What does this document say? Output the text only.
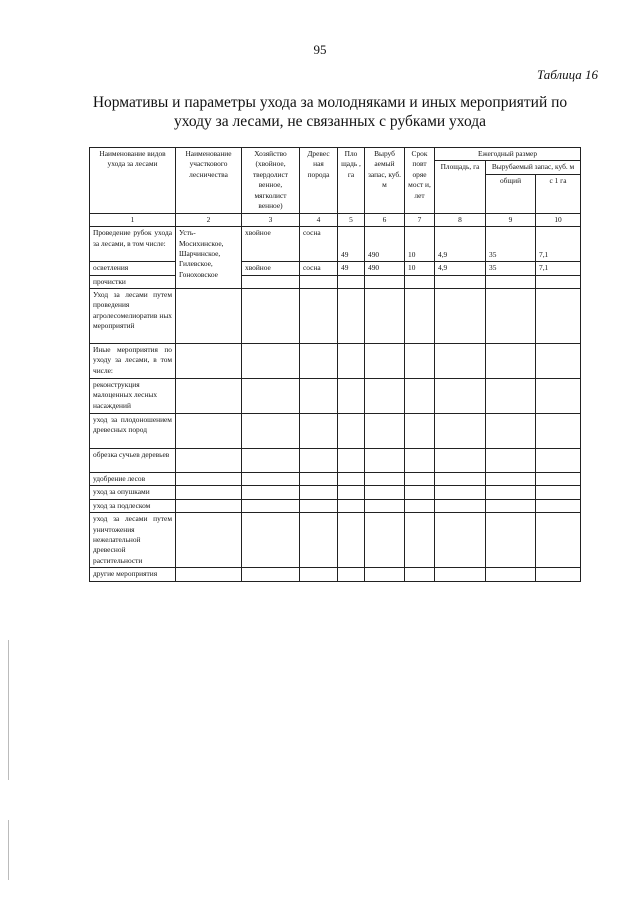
95
Таблица 16
Нормативы и параметры ухода за молодняками и иных мероприятий по уходу за лесами, не связанных с рубками ухода
Наименование видов ухода за лесами	Наименование участкового лесничества	Хозяйство (хвойное, твердолист венное, мягколист венное)	Древес ная порода	Пло щадь , га	Выруб аемый запас, куб. м	Срок повт оряе мост и, лет	Ежегодный размер		
							Площадь, га	Вырубаемый запас, куб. м	
								общий	с 1 га
1	2	3	4	5	6	7	8	9	10
Проведение рубок ухода за лесами, в том числе:	Усть-Мосихинское, Шарчинское, Гилевское, Гоноховское	хвойное	сосна	49	490	10	4,9	35	7,1
осветления		хвойное	сосна	49	490	10	4,9	35	7,1
прочистки									
Уход за лесами путем проведения агролесомелиоратив ных мероприятий									
Иные мероприятия по уходу за лесами, в том числе:									
реконструкция малоценных лесных насаждений									
уход за плодоношением древесных пород									
обрезка сучьев деревьев									
удобрение лесов									
уход за опушками									
уход за подлеском									
уход за лесами путем уничтожения нежелательной древесной растительности									
другие мероприятия									
